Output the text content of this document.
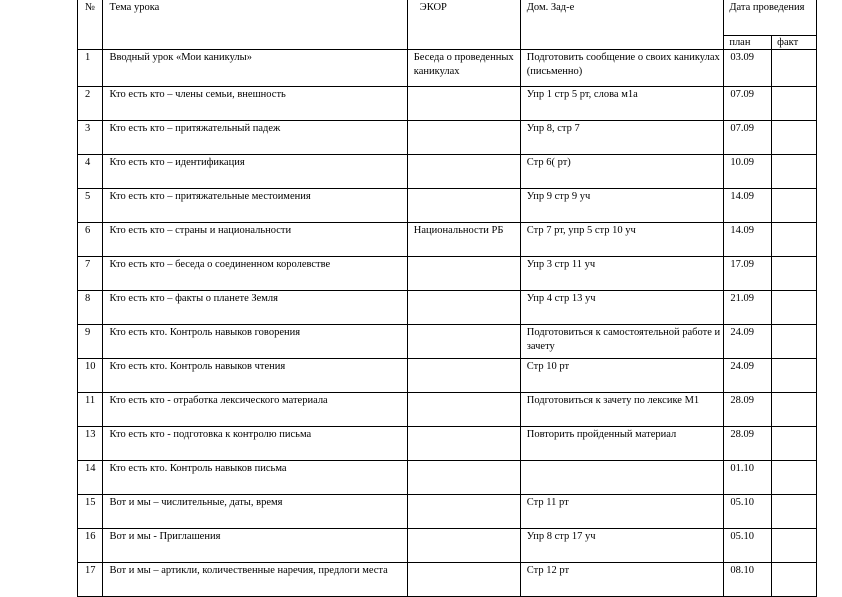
№	Тема урока	ЭКОР	Дом. Зад-е	Дата проведения	
				план	факт
1	Вводный урок «Мои каникулы»	Беседа о проведенных каникулах	Подготовить сообщение о своих каникулах (письменно)	03.09	
2	Кто есть кто – члены семьи, внешность		Упр 1 стр 5 рт, слова м1а	07.09	
3	Кто есть кто – притяжательный падеж		Упр 8, стр 7	07.09	
4	Кто есть кто – идентификация		Стр 6( рт)	10.09	
5	Кто есть кто – притяжательные местоимения		Упр 9 стр 9 уч	14.09	
6	Кто есть кто – страны и национальности	Национальности РБ	Стр 7 рт, упр 5 стр 10 уч	14.09	
7	Кто есть кто – беседа о соединенном королевстве		Упр 3 стр 11 уч	17.09	
8	Кто есть кто – факты о планете Земля		Упр 4 стр 13 уч	21.09	
9	Кто есть кто. Контроль навыков говорения		Подготовиться к самостоятельной работе и зачету	24.09	
10	Кто есть кто. Контроль навыков чтения		Стр 10 рт	24.09	
11	Кто есть кто - отработка лексического материала		Подготовиться к зачету по лексике М1	28.09	
13	Кто есть кто - подготовка к контролю письма		Повторить пройденный материал	28.09	
14	Кто есть кто. Контроль навыков письма			01.10	
15	Вот и мы – числительные, даты, время		Стр 11 рт	05.10	
16	Вот и мы - Приглашения		Упр 8 стр 17 уч	05.10	
17	Вот и мы – артикли, количественные наречия, предлоги места		Стр 12 рт	08.10	
